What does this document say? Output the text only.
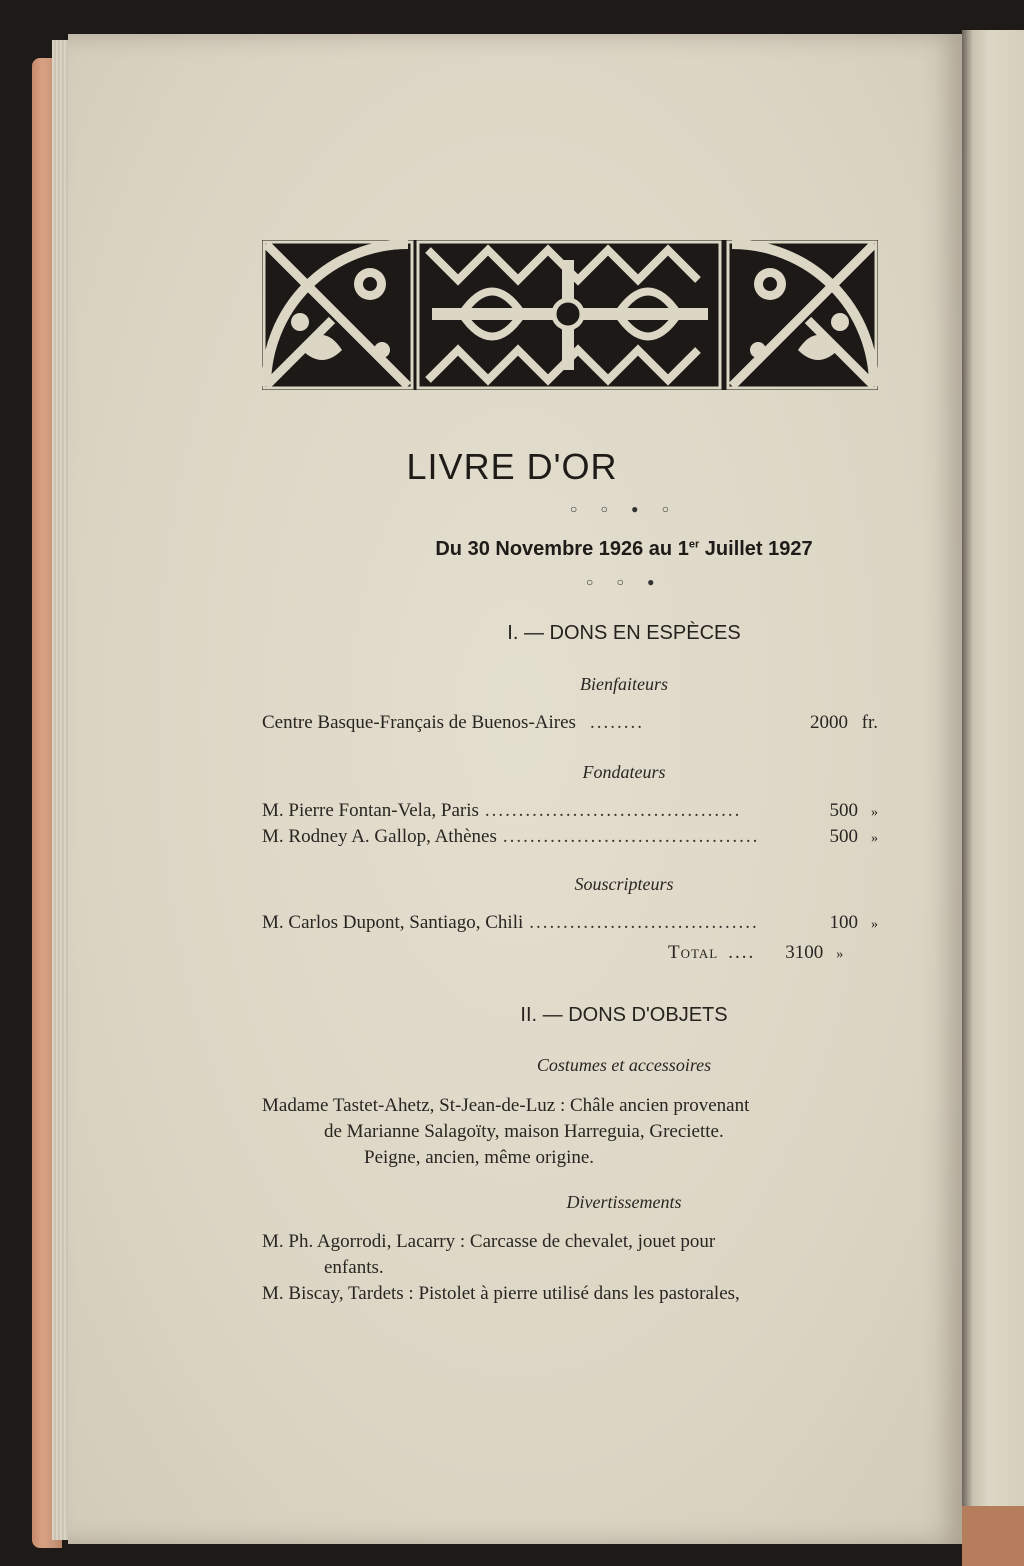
LIVRE D'OR
○ ○ ● ○
Du 30 Novembre 1926 au 1er Juillet 1927
○ ○ ●
I. — DONS EN ESPÈCES
Bienfaiteurs
Centre Basque-Français de Buenos-Aires ........	2000 fr.
Fondateurs
M. Pierre Fontan-Vela, Paris ......................................	500 »
M. Rodney A. Gallop, Athènes ......................................	500 »
Souscripteurs
M. Carlos Dupont, Santiago, Chili ..................................	100 »
Total ....	3100 »
II. — DONS D'OBJETS
Costumes et accessoires
Madame Tastet-Ahetz, St-Jean-de-Luz : Châle ancien provenant
de Marianne Salagoïty, maison Harreguia, Greciette.
Peigne, ancien, même origine.
Divertissements
M. Ph. Agorrodi, Lacarry : Carcasse de chevalet, jouet pour
enfants.
M. Biscay, Tardets : Pistolet à pierre utilisé dans les pastorales,
